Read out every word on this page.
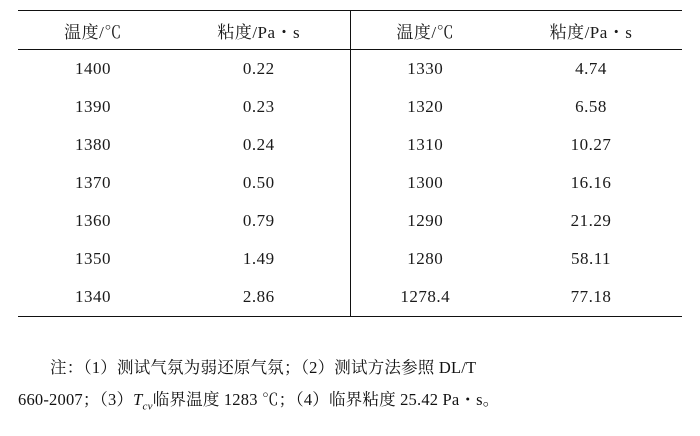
温度/℃	粘度/Pa・s		温度/℃	粘度/Pa・s
1400	0.22		1330	4.74
1390	0.23		1320	6.58
1380	0.24		1310	10.27
1370	0.50		1300	16.16
1360	0.79		1290	21.29
1350	1.49		1280	58.11
1340	2.86		1278.4	77.18
注：（1）测试气氛为弱还原气氛；（2）测试方法参照 DL/T
660-2007；$(3)T_{cv}$临界温度 1283 ℃；（4）临界粘度 25.42 Pa・s。
